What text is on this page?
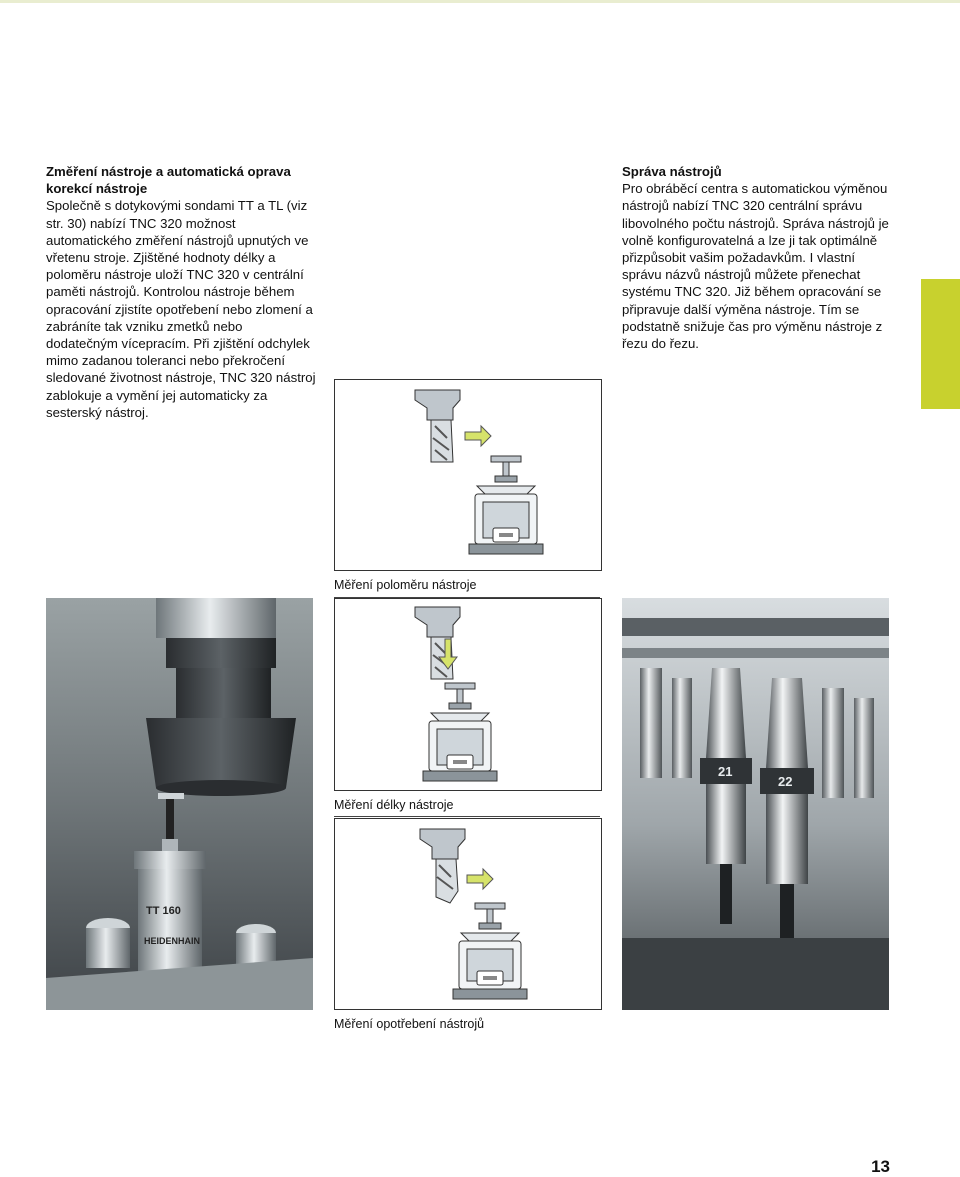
Změření nástroje a automatická oprava korekcí nástroje

Společně s dotykovými sondami TT a TL (viz str. 30) nabízí TNC 320 možnost automatického změření nástrojů upnutých ve vřetenu stroje. Zjištěné hodnoty délky a poloměru nástroje uloží TNC 320 v centrální paměti nástrojů. Kontrolou nástroje během opracování zjistíte opotřebení nebo zlomení a zabráníte tak vzniku zmetků nebo dodatečným vícepracím. Při zjištění odchylek mimo zadanou toleranci nebo překročení sledované životnost nástroje, TNC 320 nástroj zablokuje a vymění jej automaticky za sesterský nástroj.

Správa nástrojů

Pro obráběcí centra s automatickou výměnou nástrojů nabízí TNC 320 centrální správu libovolného počtu nástrojů. Správa nástrojů je volně konfigurovatelná a lze ji tak optimálně přizpůsobit vašim požadavkům. I vlastní správu názvů nástrojů můžete přenechat systému TNC 320. Již během opracování se připravuje další výměna nástroje. Tím se podstatně snižuje čas pro výměnu nástroje z řezu do řezu.

Měření poloměru nástroje
Měření délky nástroje
Měření opotřebení nástrojů
TT 160
HEIDENHAIN
21
22
13
